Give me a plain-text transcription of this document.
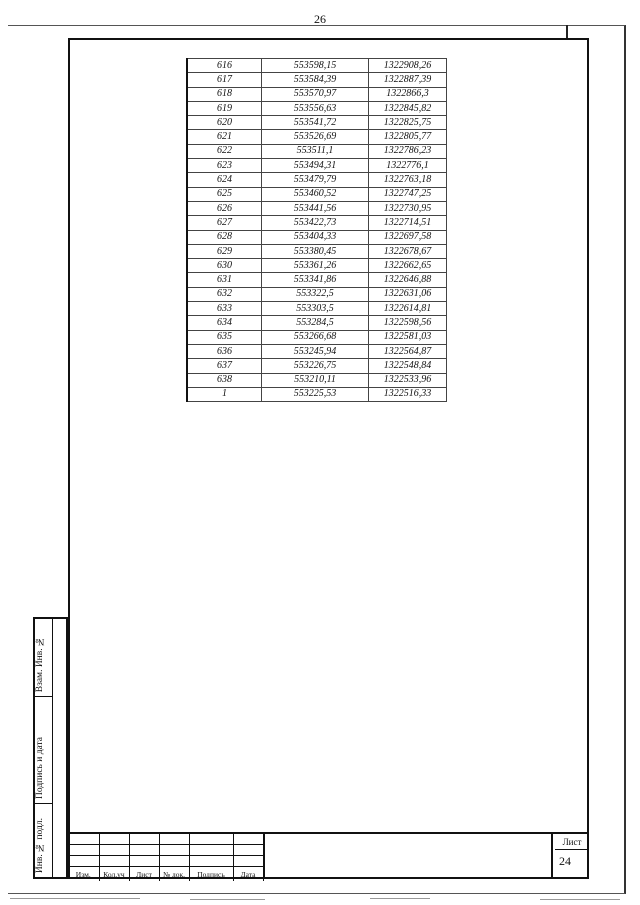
26
616	553598,15	1322908,26
617	553584,39	1322887,39
618	553570,97	1322866,3
619	553556,63	1322845,82
620	553541,72	1322825,75
621	553526,69	1322805,77
622	553511,1	1322786,23
623	553494,31	1322776,1
624	553479,79	1322763,18
625	553460,52	1322747,25
626	553441,56	1322730,95
627	553422,73	1322714,51
628	553404,33	1322697,58
629	553380,45	1322678,67
630	553361,26	1322662,65
631	553341,86	1322646,88
632	553322,5	1322631,06
633	553303,5	1322614,81
634	553284,5	1322598,56
635	553266,68	1322581,03
636	553245,94	1322564,87
637	553226,75	1322548,84
638	553210,11	1322533,96
1	553225,53	1322516,33
Взам. Инв. №
Подпись и дата
Инв. № подл.

Изм.	Кол.уч	Лист	№ док.	Подпись	Дата
Лист
24
